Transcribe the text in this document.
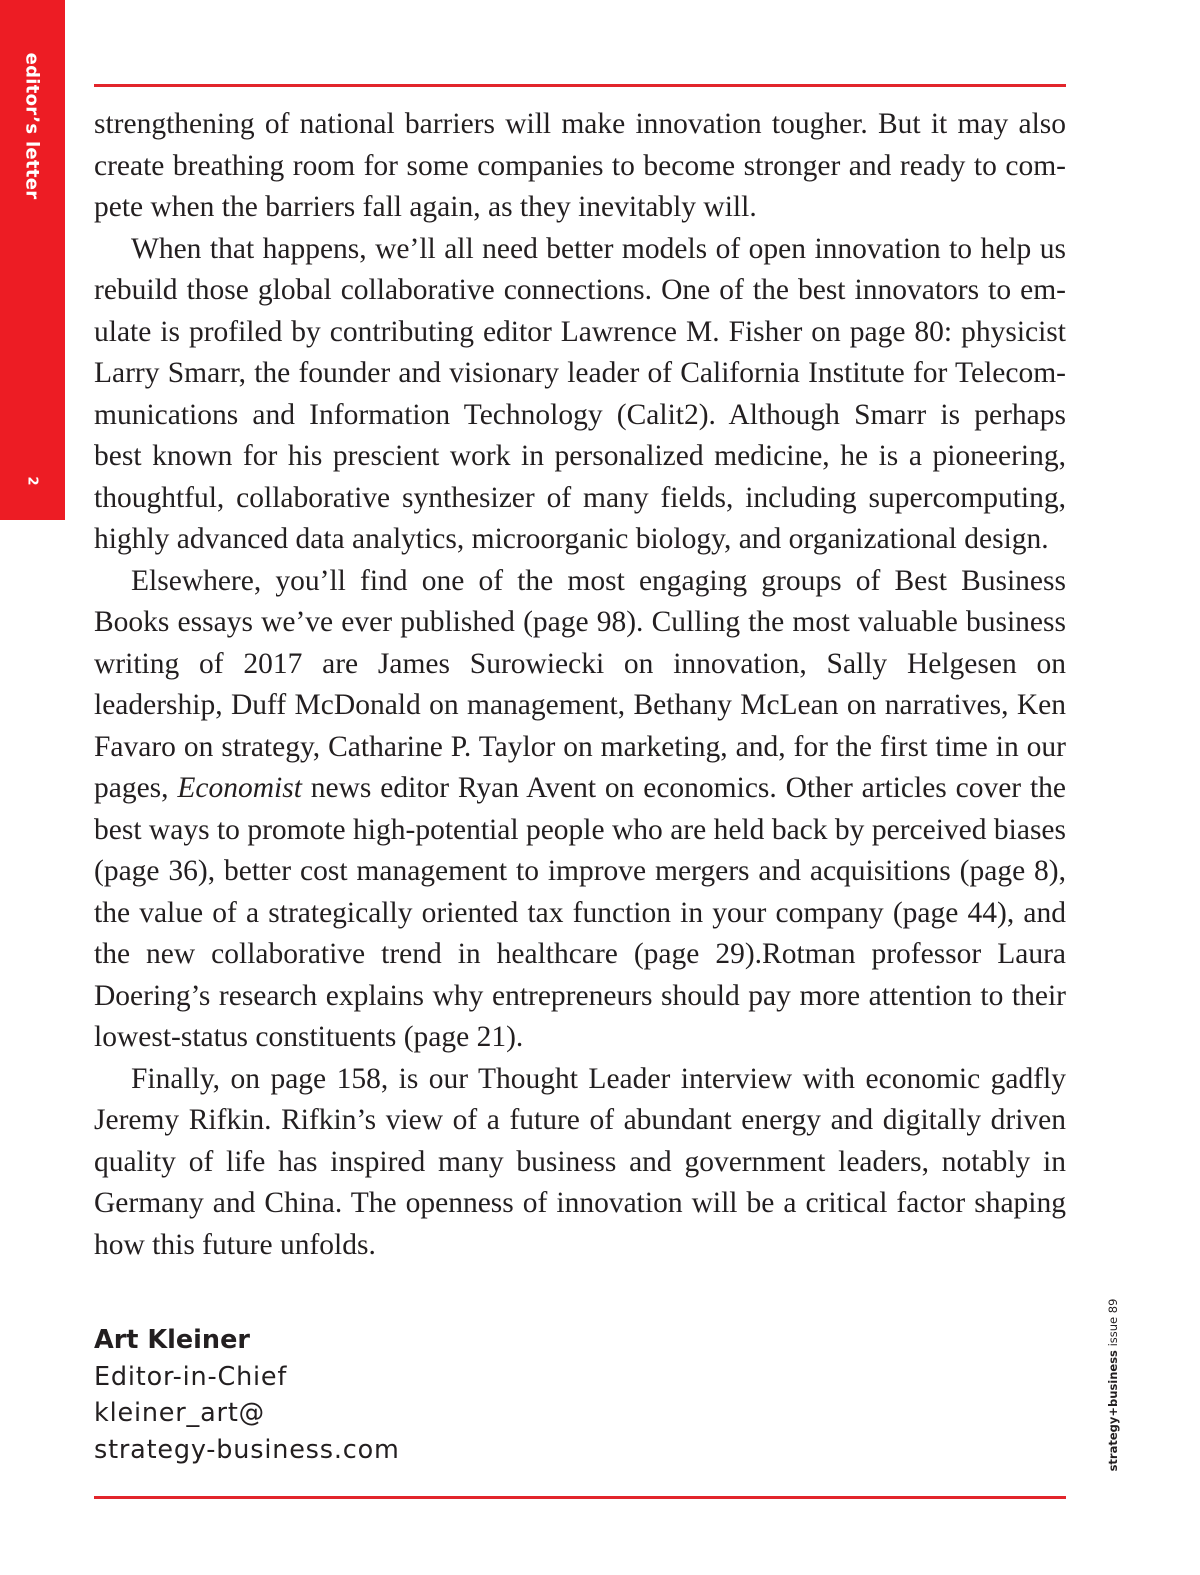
editor’s letter
2

strengthening of national barriers will make innovation tougher. But it may also create breathing room for some companies to become stronger and ready to compete when the barriers fall again, as they inevitably will.

When that happens, we’ll all need better models of open innovation to help us rebuild those global collaborative connections. One of the best innovators to emulate is profiled by contributing editor Lawrence M. Fisher on page 80: physicist Larry Smarr, the founder and visionary leader of California Institute for Telecommunications and Information Technology (Calit2). Although Smarr is perhaps best known for his prescient work in personalized medicine, he is a pioneering, thoughtful, collaborative synthesizer of many fields, including supercomputing, highly advanced data analytics, microorganic biology, and organizational design.

Elsewhere, you’ll find one of the most engaging groups of Best Business Books essays we’ve ever published (page 98). Culling the most valuable business writing of 2017 are James Surowiecki on innovation, Sally Helgesen on leadership, Duff McDonald on management, Bethany McLean on narratives, Ken Favaro on strategy, Catharine P. Taylor on marketing, and, for the first time in our pages, Economist news editor Ryan Avent on economics. Other articles cover the best ways to promote high-potential people who are held back by perceived biases (page 36), better cost management to improve mergers and acquisitions (page 8), the value of a strategically oriented tax function in your company (page 44), and the new collaborative trend in healthcare (page 29).Rotman professor Laura Doering’s research explains why entrepreneurs should pay more attention to their lowest-status constituents (page 21).

Finally, on page 158, is our Thought Leader interview with economic gadfly Jeremy Rifkin. Rifkin’s view of a future of abundant energy and digitally driven quality of life has inspired many business and government leaders, notably in Germany and China. The openness of innovation will be a critical factor shaping how this future unfolds.

Art Kleiner
Editor-in-Chief
kleiner_art@
strategy-business.com	strategy+business issue 89
